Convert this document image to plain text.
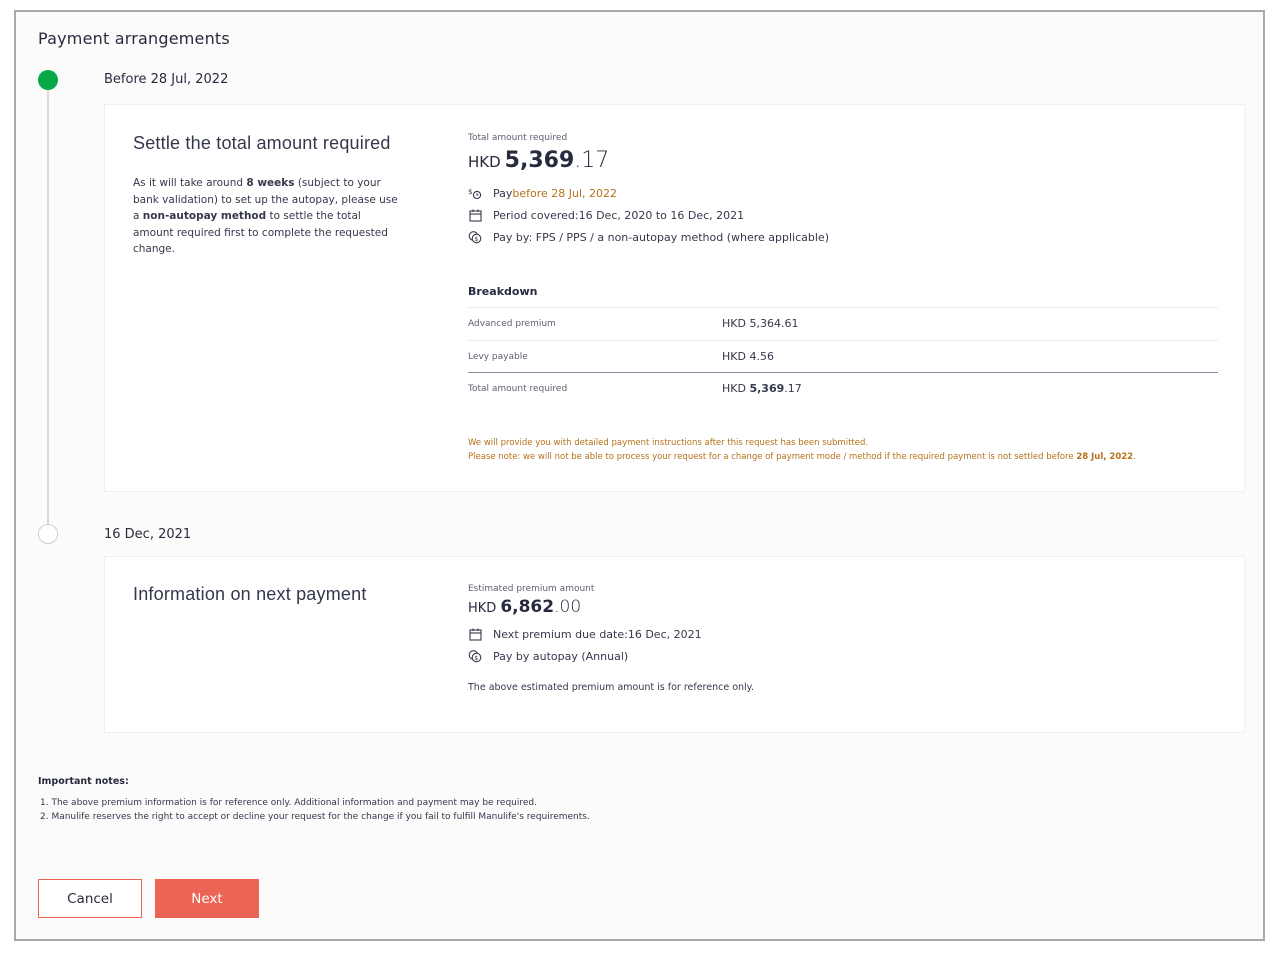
Payment arrangements
Before 28 Jul, 2022
Settle the total amount required
As it will take around 8 weeks (subject to your bank validation) to set up the autopay, please use a non-autopay method to settle the total amount required first to complete the requested change.
Total amount required
HKD 5,369 .17
$ Pay before 28 Jul, 2022
Period covered: 16 Dec, 2020 to 16 Dec, 2021
$ Pay by: FPS / PPS / a non-autopay method (where applicable)
Breakdown
Advanced premium	HKD 5,364.61
Levy payable	HKD 4.56
Total amount required	HKD 5,369.17
We will provide you with detailed payment instructions after this request has been submitted.
Please note: we will not be able to process your request for a change of payment mode / method if the required payment is not settled before 28 Jul, 2022.
16 Dec, 2021
Information on next payment	Estimated premium amount
HKD 6,862 .00
Next premium due date: 16 Dec, 2021
$ Pay by autopay (Annual)
The above estimated premium amount is for reference only.
Important notes:
1. The above premium information is for reference only. Additional information and payment may be required.
2. Manulife reserves the right to accept or decline your request for the change if you fail to fulfill Manulife's requirements.
Cancel	Next
